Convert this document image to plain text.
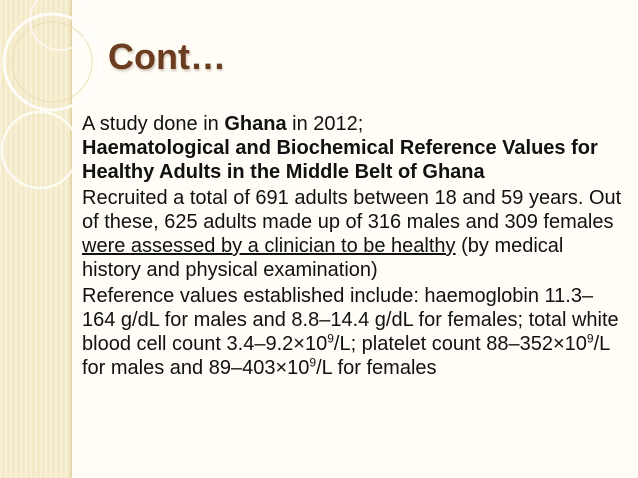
Cont…
A study done in Ghana in 2012;
Haematological and Biochemical Reference Values for Healthy Adults in the Middle Belt of Ghana
Recruited a total of 691 adults between 18 and 59 years. Out of these, 625 adults made up of 316 males and 309 females were assessed by a clinician to be healthy (by medical history and physical examination)
Reference values established include: haemoglobin 11.3–164 g/dL for males and 8.8–14.4 g/dL for females; total white blood cell count $3.4-9.2\times 10^9/L$; platelet count $88-352\times 10^9/L$ for males and $89-403\times 10^9/L$ for females
